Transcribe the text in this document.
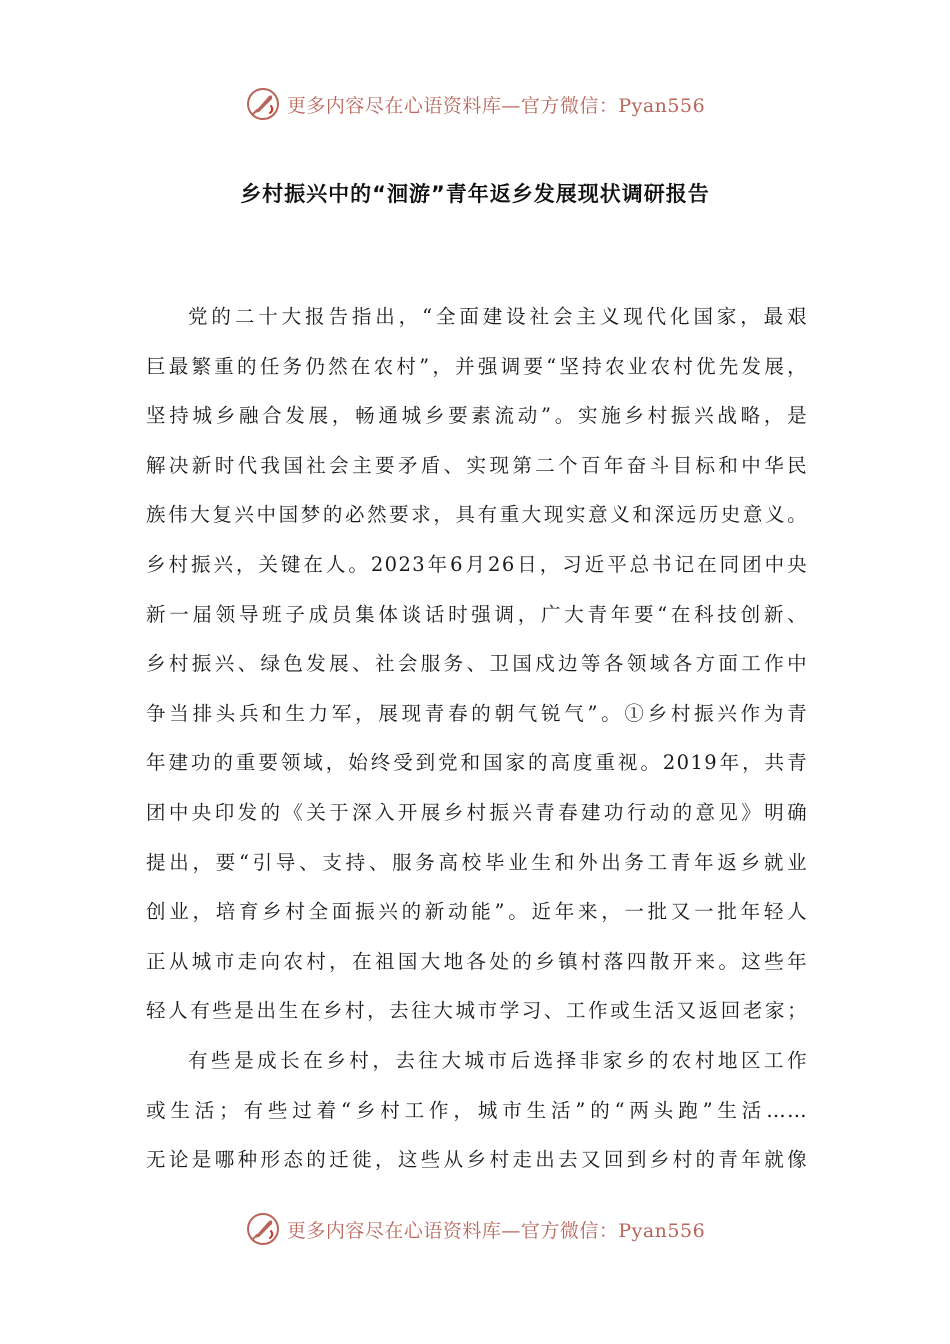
更多内容尽在心语资料库—官方微信：Pyan556
乡村振兴中的“洄游”青年返乡发展现状调研报告
党的二十大报告指出，“全面建设社会主义现代化国家，最艰
巨最繁重的任务仍然在农村”，并强调要“坚持农业农村优先发展，
坚持城乡融合发展，畅通城乡要素流动”。实施乡村振兴战略，是
解决新时代我国社会主要矛盾、实现第二个百年奋斗目标和中华民
族伟大复兴中国梦的必然要求，具有重大现实意义和深远历史意义。
乡村振兴，关键在人。2023年6月26日，习近平总书记在同团中央
新一届领导班子成员集体谈话时强调，广大青年要“在科技创新、
乡村振兴、绿色发展、社会服务、卫国戍边等各领域各方面工作中
争当排头兵和生力军，展现青春的朝气锐气”。①乡村振兴作为青
年建功的重要领域，始终受到党和国家的高度重视。2019年，共青
团中央印发的《关于深入开展乡村振兴青春建功行动的意见》明确
提出，要“引导、支持、服务高校毕业生和外出务工青年返乡就业
创业，培育乡村全面振兴的新动能”。近年来，一批又一批年轻人
正从城市走向农村，在祖国大地各处的乡镇村落四散开来。这些年
轻人有些是出生在乡村，去往大城市学习、工作或生活又返回老家；
有些是成长在乡村，去往大城市后选择非家乡的农村地区工作
或生活；有些过着“乡村工作，城市生活”的“两头跑”生活……
无论是哪种形态的迁徙，这些从乡村走出去又回到乡村的青年就像
更多内容尽在心语资料库—官方微信：Pyan556
